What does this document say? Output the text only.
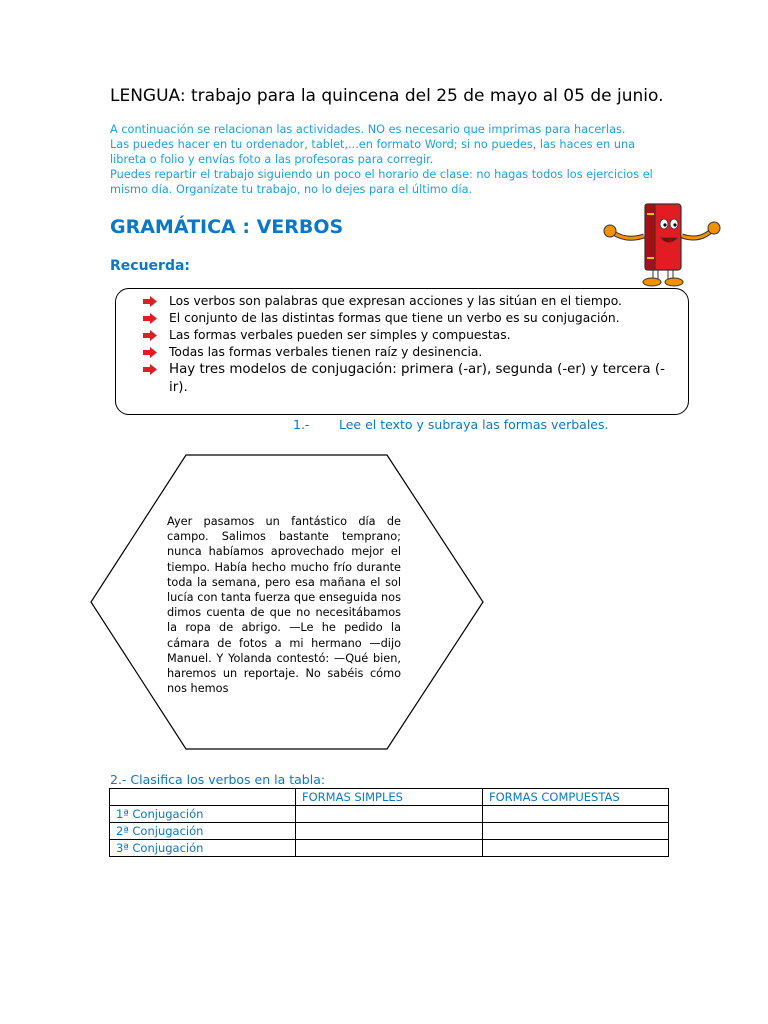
LENGUA: trabajo para la quincena del 25 de mayo al 05 de junio.

A continuación se relacionan las actividades. NO es necesario que imprimas para hacerlas.

Las puedes hacer en tu ordenador, tablet,...en formato Word; si no puedes, las haces en una libreta o folio y envías foto a las profesoras para corregir.

Puedes repartir el trabajo siguiendo un poco el horario de clase: no hagas todos los ejercicios el mismo día. Organízate tu trabajo, no lo dejes para el último día.

GRAMÁTICA : VERBOS
Recuerda:
Los verbos son palabras que expresan acciones y las sitúan en el tiempo.
El conjunto de las distintas formas que tiene un verbo es su conjugación.
Las formas verbales pueden ser simples y compuestas.
Todas las formas verbales tienen raíz y desinencia.
Hay tres modelos de conjugación: primera (-ar), segunda (-er) y tercera (-ir).
1.- Lee el texto y subraya las formas verbales.

Ayer pasamos un fantástico día de campo. Salimos bastante temprano; nunca habíamos aprovechado mejor el tiempo. Había hecho mucho frío durante toda la semana, pero esa mañana el sol lucía con tanta fuerza que enseguida nos dimos cuenta de que no necesitábamos la ropa de abrigo. —Le he pedido la cámara de fotos a mi hermano —dijo Manuel. Y Yolanda contestó: —Qué bien, haremos un reportaje. No sabéis cómo nos hemos

2.- Clasifica los verbos en la tabla:
	FORMAS SIMPLES	FORMAS COMPUESTAS
1ª Conjugación		
2ª Conjugación		
3ª Conjugación		
